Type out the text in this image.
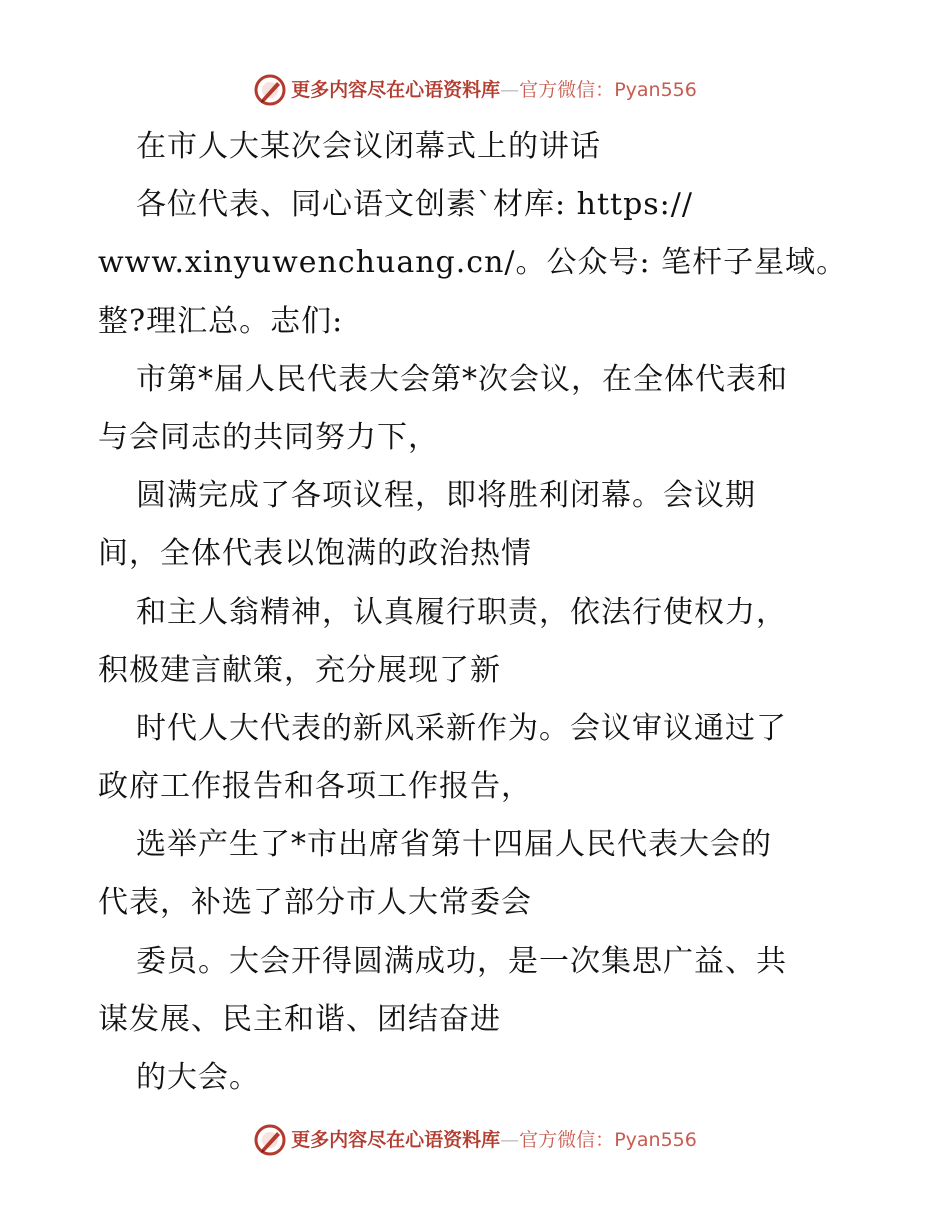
更多内容尽在心语资料库—官方微信：Pyan556
在市人大某次会议闭幕式上的讲话
各位代表、同心语文创素`材库: https://
www.xinyuwenchuang.cn/。公众号: 笔杆子星域。
整?理汇总。志们:
市第*届人民代表大会第*次会议，在全体代表和
与会同志的共同努力下，
圆满完成了各项议程，即将胜利闭幕。会议期
间，全体代表以饱满的政治热情
和主人翁精神，认真履行职责，依法行使权力，
积极建言献策，充分展现了新
时代人大代表的新风采新作为。会议审议通过了
政府工作报告和各项工作报告，
选举产生了*市出席省第十四届人民代表大会的
代表，补选了部分市人大常委会
委员。大会开得圆满成功，是一次集思广益、共
谋发展、民主和谐、团结奋进
的大会。
更多内容尽在心语资料库—官方微信：Pyan556
